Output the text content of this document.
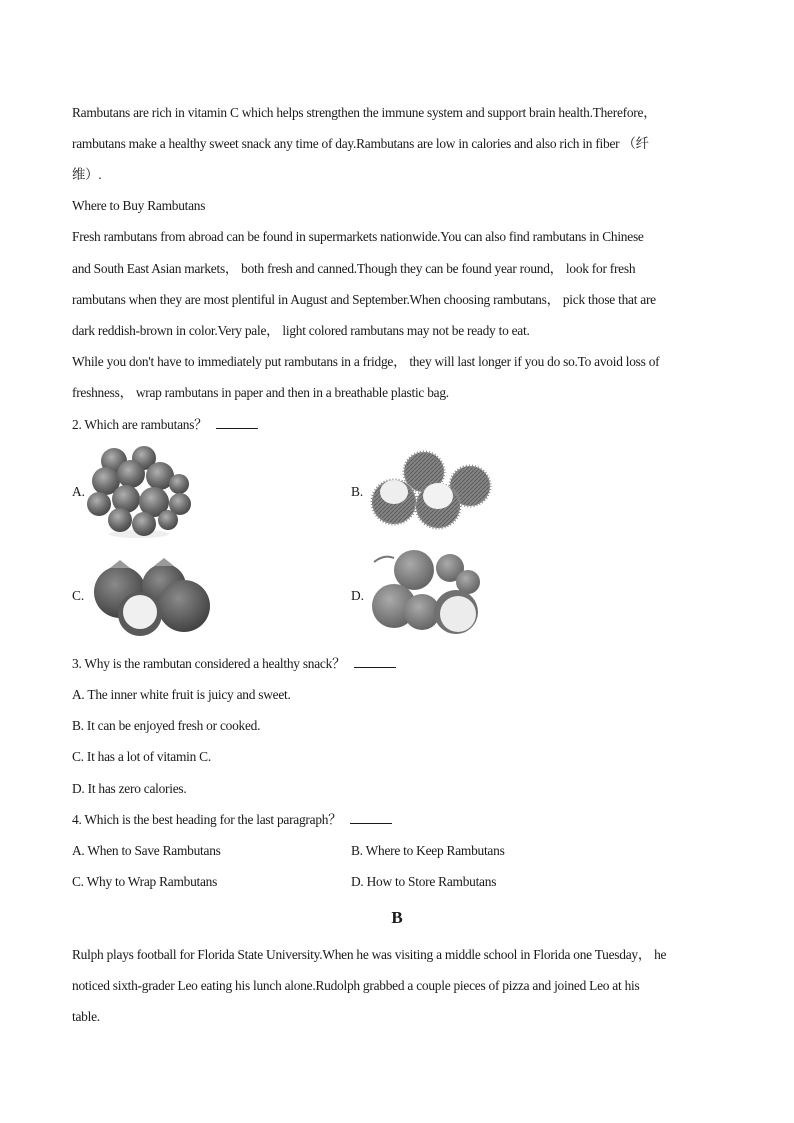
Rambutans are rich in vitamin C which helps strengthen the immune system and support brain health.Therefore，
rambutans make a healthy sweet snack any time of day.Rambutans are low in calories and also rich in fiber （纤
维）.
Where to Buy Rambutans
Fresh rambutans from abroad can be found in supermarkets nationwide.You can also find rambutans in Chinese
and South East Asian markets， both fresh and canned.Though they can be found year round， look for fresh
rambutans when they are most plentiful in August and September.When choosing rambutans， pick those that are
dark reddish-brown in color.Very pale， light colored rambutans may not be ready to eat.
While you don't have to immediately put rambutans in a fridge， they will last longer if you do so.To avoid loss of
freshness， wrap rambutans in paper and then in a breathable plastic bag.
2. Which are rambutans？
A.	B.
C.	D.
3. Why is the rambutan considered a healthy snack？
A. The inner white fruit is juicy and sweet.
B. It can be enjoyed fresh or cooked.
C. It has a lot of vitamin C.
D. It has zero calories.
4. Which is the best heading for the last paragraph？
A. When to Save Rambutans	B. Where to Keep Rambutans
C. Why to Wrap Rambutans	D. How to Store Rambutans
B
Rulph plays football for Florida State University.When he was visiting a middle school in Florida one Tuesday， he
noticed sixth-grader Leo eating his lunch alone.Rudolph grabbed a couple pieces of pizza and joined Leo at his
table.
